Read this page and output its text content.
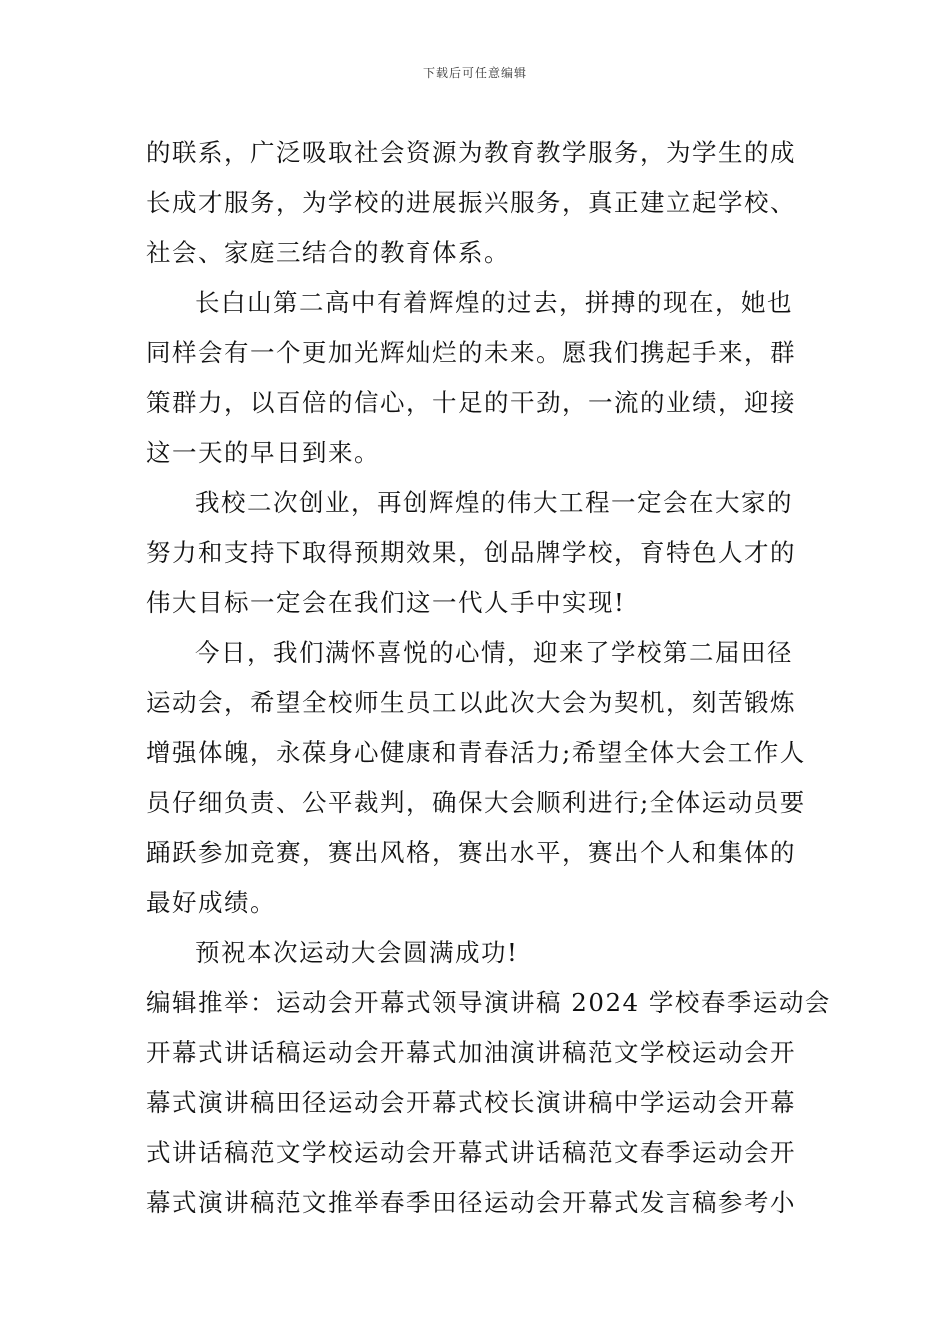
下载后可任意编辑
的联系，广泛吸取社会资源为教育教学服务，为学生的成
长成才服务，为学校的进展振兴服务，真正建立起学校、
社会、家庭三结合的教育体系。
长白山第二高中有着辉煌的过去，拼搏的现在，她也
同样会有一个更加光辉灿烂的未来。愿我们携起手来，群
策群力，以百倍的信心，十足的干劲，一流的业绩，迎接
这一天的早日到来。
我校二次创业，再创辉煌的伟大工程一定会在大家的
努力和支持下取得预期效果，创品牌学校，育特色人才的
伟大目标一定会在我们这一代人手中实现!
今日，我们满怀喜悦的心情，迎来了学校第二届田径
运动会，希望全校师生员工以此次大会为契机，刻苦锻炼
增强体魄，永葆身心健康和青春活力;希望全体大会工作人
员仔细负责、公平裁判，确保大会顺利进行;全体运动员要
踊跃参加竞赛，赛出风格，赛出水平，赛出个人和集体的
最好成绩。
预祝本次运动大会圆满成功!
编辑推举：运动会开幕式领导演讲稿 2024 学校春季运动会
开幕式讲话稿运动会开幕式加油演讲稿范文学校运动会开
幕式演讲稿田径运动会开幕式校长演讲稿中学运动会开幕
式讲话稿范文学校运动会开幕式讲话稿范文春季运动会开
幕式演讲稿范文推举春季田径运动会开幕式发言稿参考小
